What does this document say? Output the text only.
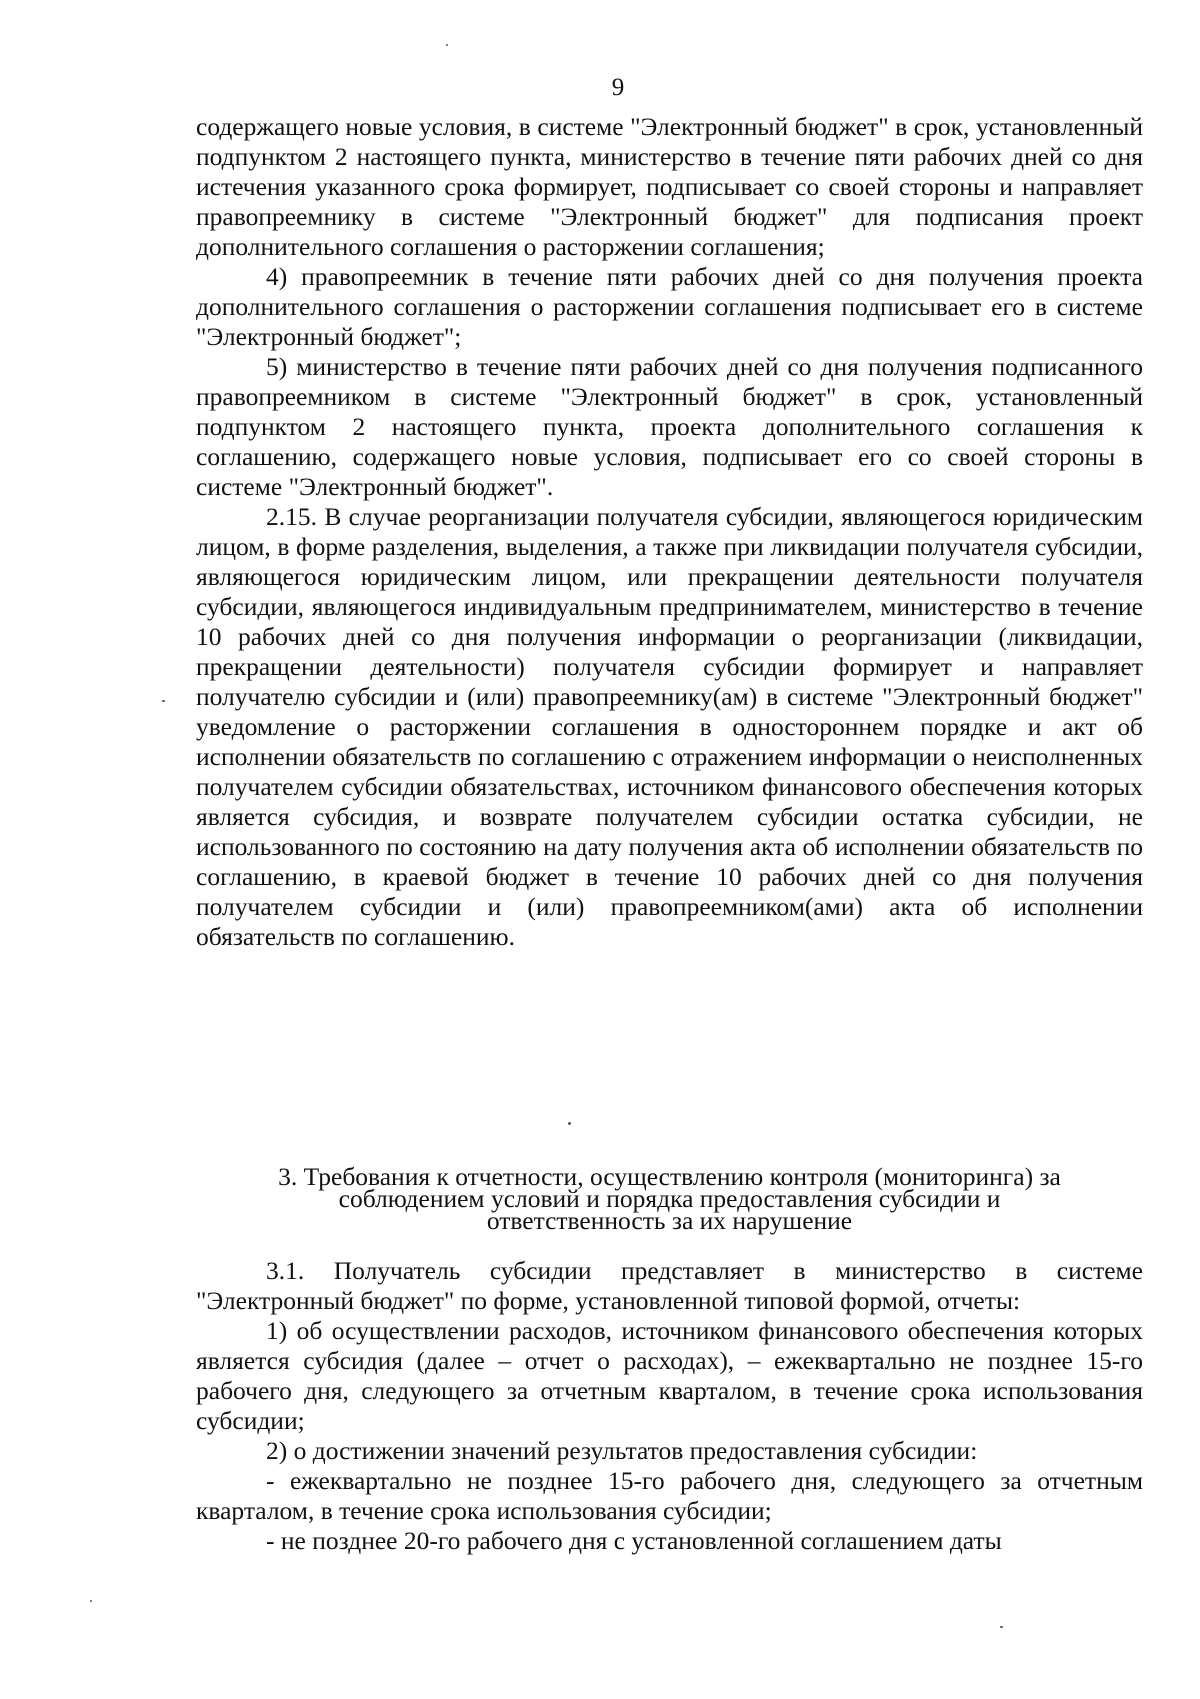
9

содержащего новые условия, в системе "Электронный бюджет" в срок, установленный подпунктом 2 настоящего пункта, министерство в течение пяти рабочих дней со дня истечения указанного срока формирует, подписывает со своей стороны и направляет правопреемнику в системе "Электронный бюджет" для подписания проект дополнительного соглашения о расторжении соглашения;

4) правопреемник в течение пяти рабочих дней со дня получения проекта дополнительного соглашения о расторжении соглашения подписывает его в системе "Электронный бюджет";

5) министерство в течение пяти рабочих дней со дня получения подписанного правопреемником в системе "Электронный бюджет" в срок, установленный подпунктом 2 настоящего пункта, проекта дополнительного соглашения к соглашению, содержащего новые условия, подписывает его со своей стороны в системе "Электронный бюджет".

2.15. В случае реорганизации получателя субсидии, являющегося юридическим лицом, в форме разделения, выделения, а также при ликвидации получателя субсидии, являющегося юридическим лицом, или прекращении деятельности получателя субсидии, являющегося индивидуальным предпринимателем, министерство в течение 10 рабочих дней со дня получения информации о реорганизации (ликвидации, прекращении деятельности) получателя субсидии формирует и направляет получателю субсидии и (или) правопреемнику(ам) в системе "Электронный бюджет" уведомление о расторжении соглашения в одностороннем порядке и акт об исполнении обязательств по соглашению с отражением информации о неисполненных получателем субсидии обязательствах, источником финансового обеспечения которых является субсидия, и возврате получателем субсидии остатка субсидии, не использованного по состоянию на дату получения акта об исполнении обязательств по соглашению, в краевой бюджет в течение 10 рабочих дней со дня получения получателем субсидии и (или) правопреемником(ами) акта об исполнении обязательств по соглашению.

3. Требования к отчетности, осуществлению контроля (мониторинга) за
соблюдением условий и порядка предоставления субсидии и
ответственность за их нарушение

3.1. Получатель субсидии представляет в министерство в системе "Электронный бюджет" по форме, установленной типовой формой, отчеты:

1) об осуществлении расходов, источником финансового обеспечения которых является субсидия (далее – отчет о расходах), – ежеквартально не позднее 15-го рабочего дня, следующего за отчетным кварталом, в течение срока использования субсидии;

2) о достижении значений результатов предоставления субсидии:

- ежеквартально не позднее 15-го рабочего дня, следующего за отчетным кварталом, в течение срока использования субсидии;

- не позднее 20-го рабочего дня с установленной соглашением даты
